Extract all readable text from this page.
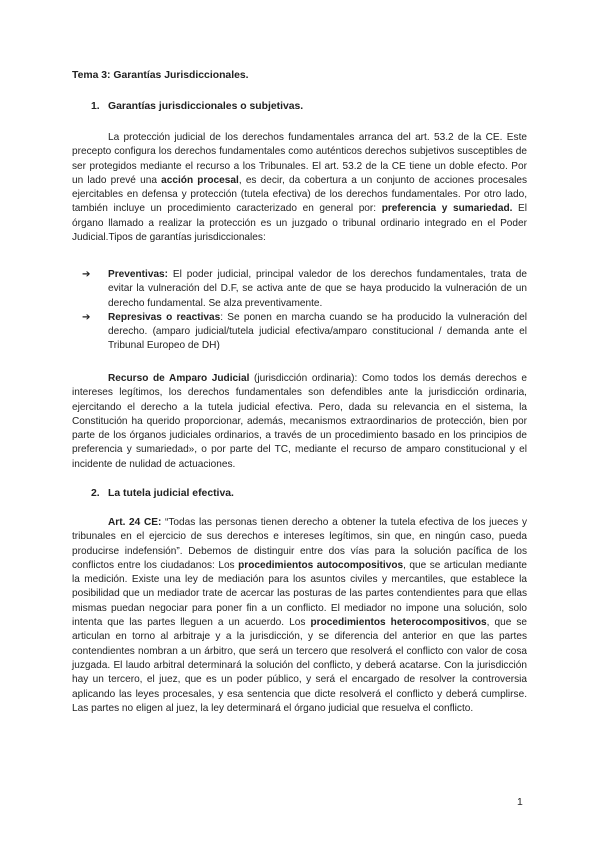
Tema 3: Garantías Jurisdiccionales.

1. Garantías jurisdiccionales o subjetivas.

La protección judicial de los derechos fundamentales arranca del art. 53.2 de la CE. Este precepto configura los derechos fundamentales como auténticos derechos subjetivos susceptibles de ser protegidos mediante el recurso a los Tribunales. El art. 53.2 de la CE tiene un doble efecto. Por un lado prevé una acción procesal, es decir, da cobertura a un conjunto de acciones procesales ejercitables en defensa y protección (tutela efectiva) de los derechos fundamentales. Por otro lado, también incluye un procedimiento caracterizado en general por: preferencia y sumariedad. El órgano llamado a realizar la protección es un juzgado o tribunal ordinario integrado en el Poder Judicial.Tipos de garantías jurisdiccionales:

➔ Preventivas: El poder judicial, principal valedor de los derechos fundamentales, trata de evitar la vulneración del D.F, se activa ante de que se haya producido la vulneración de un derecho fundamental. Se alza preventivamente.
➔ Represivas o reactivas: Se ponen en marcha cuando se ha producido la vulneración del derecho. (amparo judicial/tutela judicial efectiva/amparo constitucional / demanda ante el Tribunal Europeo de DH)

Recurso de Amparo Judicial (jurisdicción ordinaria): Como todos los demás derechos e intereses legítimos, los derechos fundamentales son defendibles ante la jurisdicción ordinaria, ejercitando el derecho a la tutela judicial efectiva. Pero, dada su relevancia en el sistema, la Constitución ha querido proporcionar, además, mecanismos extraordinarios de protección, bien por parte de los órganos judiciales ordinarios, a través de un procedimiento basado en los principios de preferencia y sumariedad», o por parte del TC, mediante el recurso de amparo constitucional y el incidente de nulidad de actuaciones.

2. La tutela judicial efectiva.

Art. 24 CE: “Todas las personas tienen derecho a obtener la tutela efectiva de los jueces y tribunales en el ejercicio de sus derechos e intereses legítimos, sin que, en ningún caso, pueda producirse indefensión”. Debemos de distinguir entre dos vías para la solución pacífica de los conflictos entre los ciudadanos: Los procedimientos autocompositivos, que se articulan mediante la medición. Existe una ley de mediación para los asuntos civiles y mercantiles, que establece la posibilidad que un mediador trate de acercar las posturas de las partes contendientes para que ellas mismas puedan negociar para poner fin a un conflicto. El mediador no impone una solución, solo intenta que las partes lleguen a un acuerdo. Los procedimientos heterocompositivos, que se articulan en torno al arbitraje y a la jurisdicción, y se diferencia del anterior en que las partes contendientes nombran a un árbitro, que será un tercero que resolverá el conflicto con valor de cosa juzgada. El laudo arbitral determinará la solución del conflicto, y deberá acatarse. Con la jurisdicción hay un tercero, el juez, que es un poder público, y será el encargado de resolver la controversia aplicando las leyes procesales, y esa sentencia que dicte resolverá el conflicto y deberá cumplirse. Las partes no eligen al juez, la ley determinará el órgano judicial que resuelva el conflicto.

1
